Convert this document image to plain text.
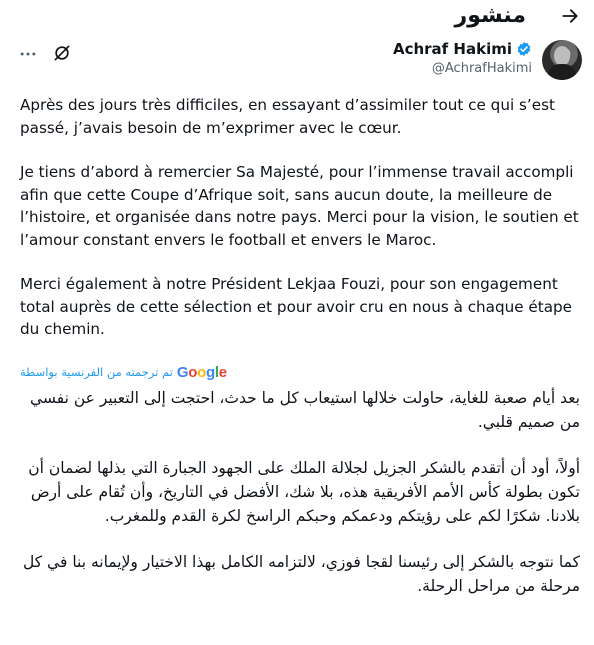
منشور
Achraf Hakimi
@AchrafHakimi

Après des jours très difficiles, en essayant d’assimiler tout ce qui s’est passé, j’avais besoin de m’exprimer avec le cœur.

Je tiens d’abord à remercier Sa Majesté, pour l’immense travail accompli afin que cette Coupe d’Afrique soit, sans aucun doute, la meilleure de l’histoire, et organisée dans notre pays. Merci pour la vision, le soutien et l’amour constant envers le football et envers le Maroc.

Merci également à notre Président Lekjaa Fouzi, pour son engagement total auprès de cette sélection et pour avoir cru en nous à chaque étape du chemin.

تم ترجمته من الفرنسية بواسطة Google

بعد أيام صعبة للغاية، حاولت خلالها استيعاب كل ما حدث، احتجت إلى التعبير عن نفسي من صميم قلبي.

أولاً، أود أن أتقدم بالشكر الجزيل لجلالة الملك على الجهود الجبارة التي بذلها لضمان أن تكون بطولة كأس الأمم الأفريقية هذه، بلا شك، الأفضل في التاريخ، وأن تُقام على أرض بلادنا. شكرًا لكم على رؤيتكم ودعمكم وحبكم الراسخ لكرة القدم وللمغرب.

كما نتوجه بالشكر إلى رئيسنا لقجا فوزي، لالتزامه الكامل بهذا الاختيار ولإيمانه بنا في كل مرحلة من مراحل الرحلة.
